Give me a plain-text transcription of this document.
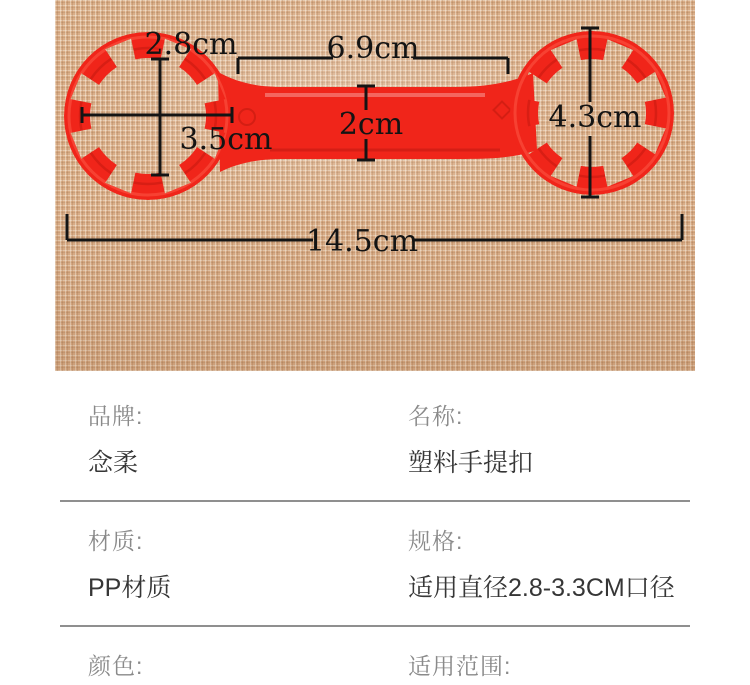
2.8cm
3.5cm
6.9cm
2cm	4.3cm
14.5cm
品牌:
念柔
名称:
塑料手提扣
材质:
PP材质
规格:
适用直径2.8-3.3CM口径
颜色:	适用范围:
